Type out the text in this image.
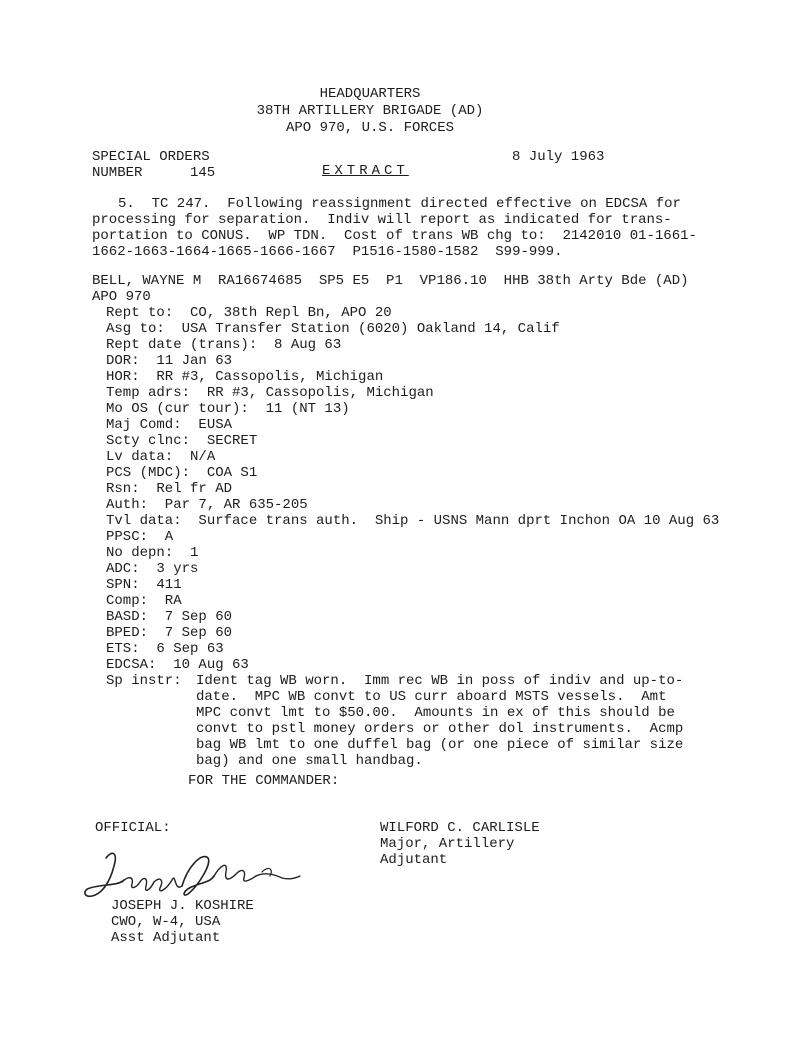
HEADQUARTERS
38TH ARTILLERY BRIGADE (AD)
APO 970, U.S. FORCES
SPECIAL ORDERS
NUMBER	145	EXTRACT
8 July 1963
5.  TC 247.  Following reassignment directed effective on EDCSA for
processing for separation.  Indiv will report as indicated for trans-
portation to CONUS.  WP TDN.  Cost of trans WB chg to:  2142010 01-1661-
1662-1663-1664-1665-1666-1667  P1516-1580-1582  S99-999.
BELL, WAYNE M  RA16674685  SP5 E5  P1  VP186.10  HHB 38th Arty Bde (AD)
APO 970
Rept to:  CO, 38th Repl Bn, APO 20
Asg to:  USA Transfer Station (6020) Oakland 14, Calif
Rept date (trans):  8 Aug 63
DOR:  11 Jan 63
HOR:  RR #3, Cassopolis, Michigan
Temp adrs:  RR #3, Cassopolis, Michigan
Mo OS (cur tour):  11 (NT 13)
Maj Comd:  EUSA
Scty clnc:  SECRET
Lv data:  N/A
PCS (MDC):  COA S1
Rsn:  Rel fr AD
Auth:  Par 7, AR 635-205
Tvl data:  Surface trans auth.  Ship - USNS Mann dprt Inchon OA 10 Aug 63
PPSC:  A
No depn:  1
ADC:  3 yrs
SPN:  411
Comp:  RA
BASD:  7 Sep 60
BPED:  7 Sep 60
ETS:  6 Sep 63
EDCSA:  10 Aug 63
Sp instr: Ident tag WB worn.  Imm rec WB in poss of indiv and up-to-
date.  MPC WB convt to US curr aboard MSTS vessels.  Amt
MPC convt lmt to $50.00.  Amounts in ex of this should be
convt to pstl money orders or other dol instruments.  Acmp
bag WB lmt to one duffel bag (or one piece of similar size
bag) and one small handbag.
FOR THE COMMANDER:
OFFICIAL:	WILFORD C. CARLISLE
Major, Artillery
Adjutant
JOSEPH J. KOSHIRE
CWO, W-4, USA
Asst Adjutant
